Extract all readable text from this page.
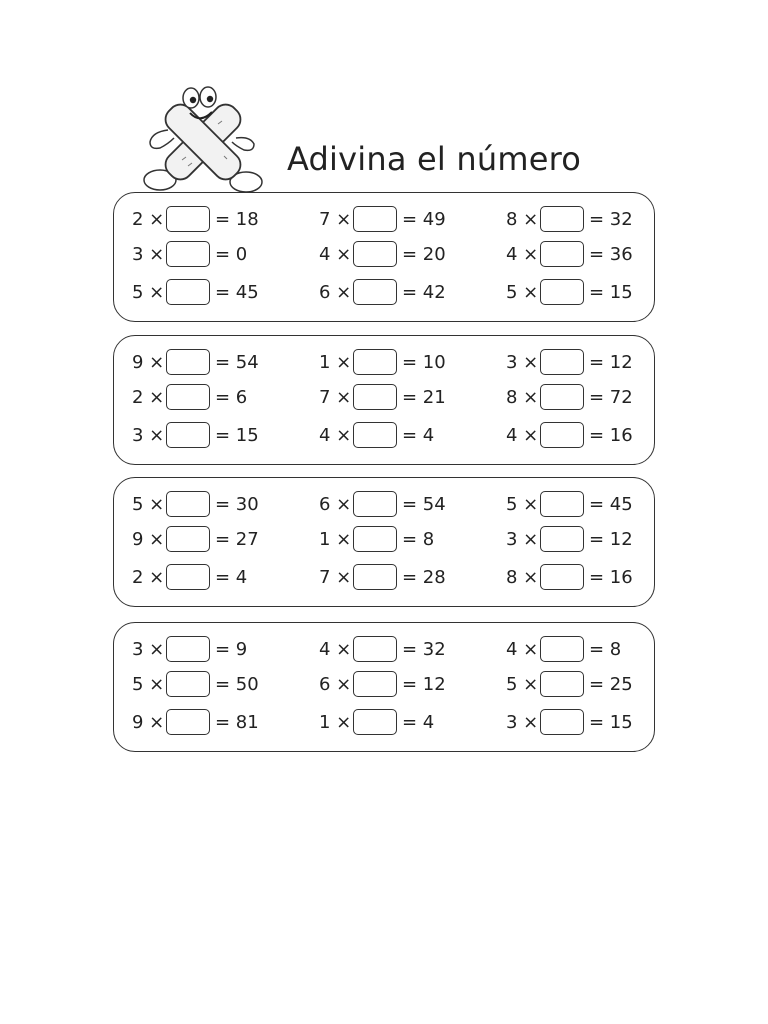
Adivina el número
2 ×	= 18	7 ×	= 49	8 ×	= 32
3 ×	= 0	4 ×	= 20	4 ×	= 36
5 ×	= 45	6 ×	= 42	5 ×	= 15
9 ×	= 54	1 ×	= 10	3 ×	= 12
2 ×	= 6	7 ×	= 21	8 ×	= 72
3 ×	= 15	4 ×	= 4	4 ×	= 16
5 ×	= 30	6 ×	= 54	5 ×	= 45
9 ×	= 27	1 ×	= 8	3 ×	= 12
2 ×	= 4	7 ×	= 28	8 ×	= 16
3 ×	= 9	4 ×	= 32	4 ×	= 8
5 ×	= 50	6 ×	= 12	5 ×	= 25
9 ×	= 81	1 ×	= 4	3 ×	= 15
